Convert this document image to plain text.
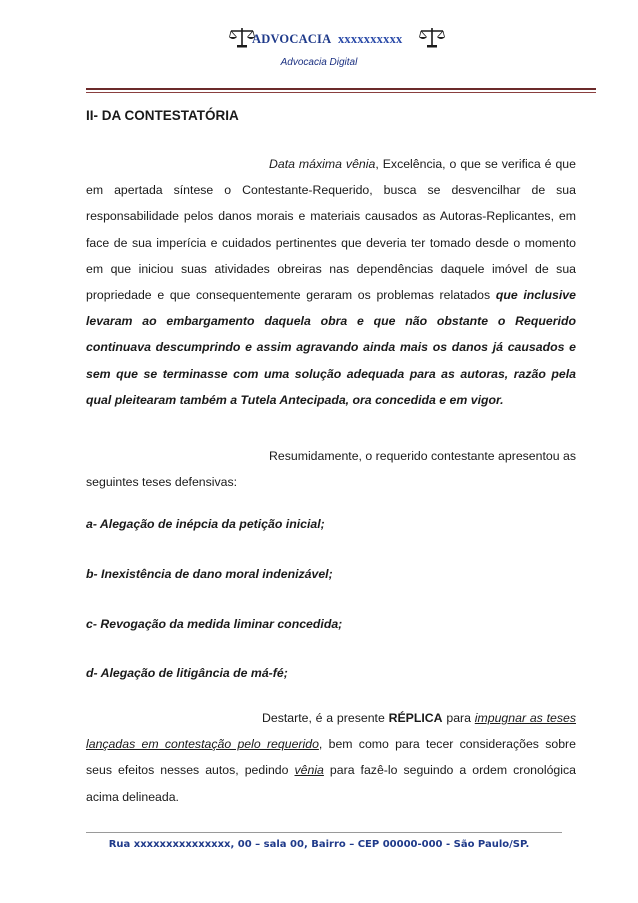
ADVOCACIA xxxxxxxxxx
Advocacia Digital
II- DA CONTESTATÓRIA

Data máxima vênia, Excelência, o que se verifica é que em apertada síntese o Contestante-Requerido, busca se desvencilhar de sua responsabilidade pelos danos morais e materiais causados as Autoras-Replicantes, em face de sua imperícia e cuidados pertinentes que deveria ter tomado desde o momento em que iniciou suas atividades obreiras nas dependências daquele imóvel de sua propriedade e que consequentemente geraram os problemas relatados que inclusive levaram ao embargamento daquela obra e que não obstante o Requerido continuava descumprindo e assim agravando ainda mais os danos já causados e sem que se terminasse com uma solução adequada para as autoras, razão pela qual pleitearam também a Tutela Antecipada, ora concedida e em vigor.

Resumidamente, o requerido contestante apresentou as seguintes teses defensivas:

a- Alegação de inépcia da petição inicial;
b- Inexistência de dano moral indenizável;
c- Revogação da medida liminar concedida;
d- Alegação de litigância de má-fé;

Destarte, é a presente RÉPLICA para impugnar as teses lançadas em contestação pelo requerido, bem como para tecer considerações sobre seus efeitos nesses autos, pedindo vênia para fazê-lo seguindo a ordem cronológica acima delineada.

Rua xxxxxxxxxxxxxxx, 00 – sala 00, Bairro – CEP 00000-000 - São Paulo/SP.
